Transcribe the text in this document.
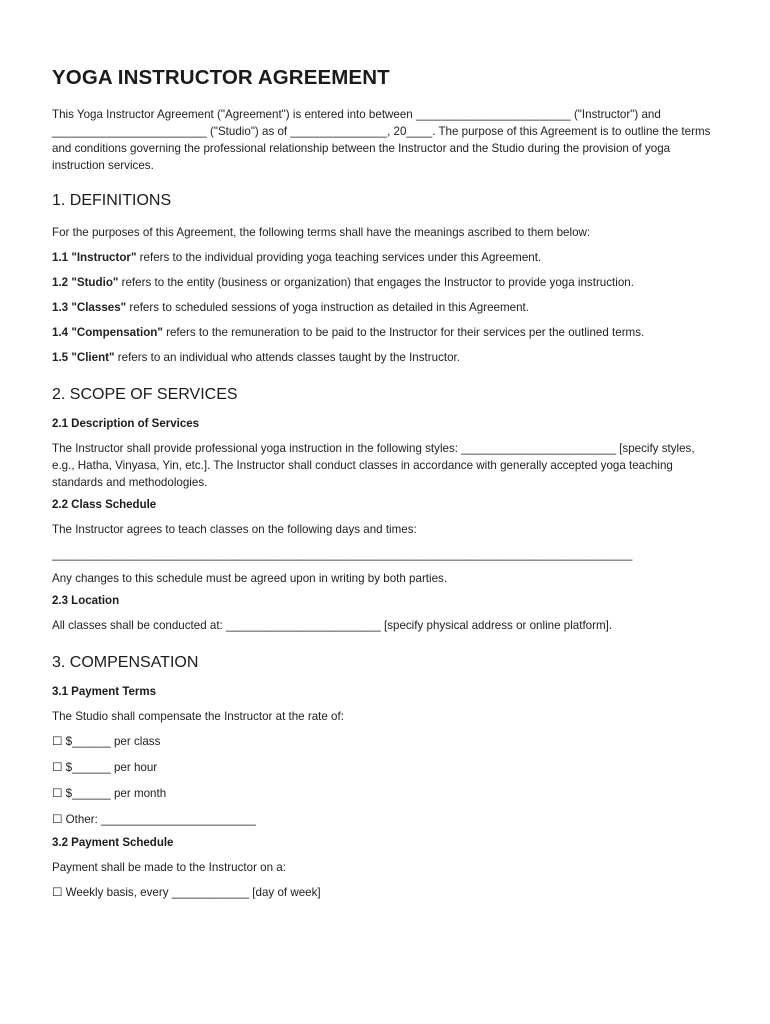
YOGA INSTRUCTOR AGREEMENT

This Yoga Instructor Agreement ("Agreement") is entered into between ________________________ ("Instructor") and ________________________ ("Studio") as of _______________, 20____. The purpose of this Agreement is to outline the terms and conditions governing the professional relationship between the Instructor and the Studio during the provision of yoga instruction services.

1. DEFINITIONS

For the purposes of this Agreement, the following terms shall have the meanings ascribed to them below:

1.1 "Instructor" refers to the individual providing yoga teaching services under this Agreement.

1.2 "Studio" refers to the entity (business or organization) that engages the Instructor to provide yoga instruction.

1.3 "Classes" refers to scheduled sessions of yoga instruction as detailed in this Agreement.

1.4 "Compensation" refers to the remuneration to be paid to the Instructor for their services per the outlined terms.

1.5 "Client" refers to an individual who attends classes taught by the Instructor.

2. SCOPE OF SERVICES
2.1 Description of Services

The Instructor shall provide professional yoga instruction in the following styles: ________________________ [specify styles, e.g., Hatha, Vinyasa, Yin, etc.]. The Instructor shall conduct classes in accordance with generally accepted yoga teaching standards and methodologies.

2.2 Class Schedule

The Instructor agrees to teach classes on the following days and times:

__________________________________________________________________________________________

Any changes to this schedule must be agreed upon in writing by both parties.

2.3 Location

All classes shall be conducted at: ________________________ [specify physical address or online platform].

3. COMPENSATION
3.1 Payment Terms

The Studio shall compensate the Instructor at the rate of:

☐ $______ per class

☐ $______ per hour

☐ $______ per month

☐ Other: ________________________

3.2 Payment Schedule

Payment shall be made to the Instructor on a:

☐ Weekly basis, every ____________ [day of week]
